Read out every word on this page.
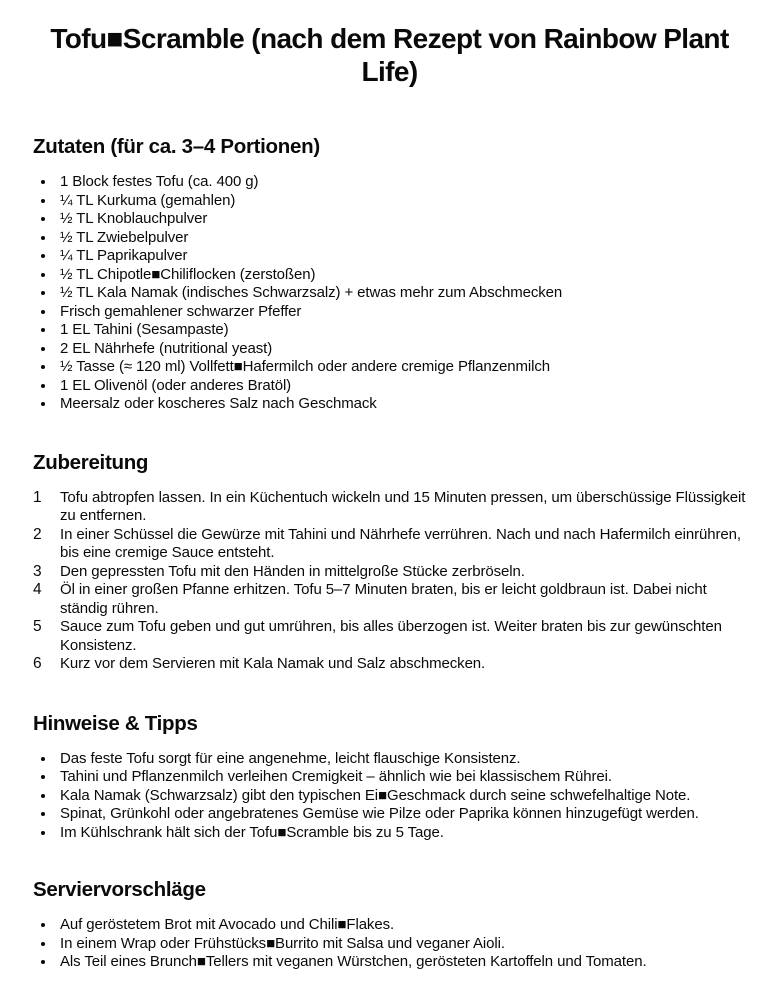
Tofu■Scramble (nach dem Rezept von Rainbow Plant Life)
Zutaten (für ca. 3–4 Portionen)
1 Block festes Tofu (ca. 400 g)
¼ TL Kurkuma (gemahlen)
½ TL Knoblauchpulver
½ TL Zwiebelpulver
¼ TL Paprikapulver
½ TL Chipotle■Chiliflocken (zerstoßen)
½ TL Kala Namak (indisches Schwarzsalz) + etwas mehr zum Abschmecken
Frisch gemahlener schwarzer Pfeffer
1 EL Tahini (Sesampaste)
2 EL Nährhefe (nutritional yeast)
½ Tasse (≈ 120 ml) Vollfett■Hafermilch oder andere cremige Pflanzenmilch
1 EL Olivenöl (oder anderes Bratöl)
Meersalz oder koscheres Salz nach Geschmack
Zubereitung
1 Tofu abtropfen lassen. In ein Küchentuch wickeln und 15 Minuten pressen, um überschüssige Flüssigkeit zu entfernen.
2 In einer Schüssel die Gewürze mit Tahini und Nährhefe verrühren. Nach und nach Hafermilch einrühren, bis eine cremige Sauce entsteht.
3 Den gepressten Tofu mit den Händen in mittelgroße Stücke zerbröseln.
4 Öl in einer großen Pfanne erhitzen. Tofu 5–7 Minuten braten, bis er leicht goldbraun ist. Dabei nicht ständig rühren.
5 Sauce zum Tofu geben und gut umrühren, bis alles überzogen ist. Weiter braten bis zur gewünschten Konsistenz.
6 Kurz vor dem Servieren mit Kala Namak und Salz abschmecken.
Hinweise & Tipps
Das feste Tofu sorgt für eine angenehme, leicht flauschige Konsistenz.
Tahini und Pflanzenmilch verleihen Cremigkeit – ähnlich wie bei klassischem Rührei.
Kala Namak (Schwarzsalz) gibt den typischen Ei■Geschmack durch seine schwefelhaltige Note.
Spinat, Grünkohl oder angebratenes Gemüse wie Pilze oder Paprika können hinzugefügt werden.
Im Kühlschrank hält sich der Tofu■Scramble bis zu 5 Tage.
Serviervorschläge
Auf geröstetem Brot mit Avocado und Chili■Flakes.
In einem Wrap oder Frühstücks■Burrito mit Salsa und veganer Aioli.
Als Teil eines Brunch■Tellers mit veganen Würstchen, gerösteten Kartoffeln und Tomaten.
